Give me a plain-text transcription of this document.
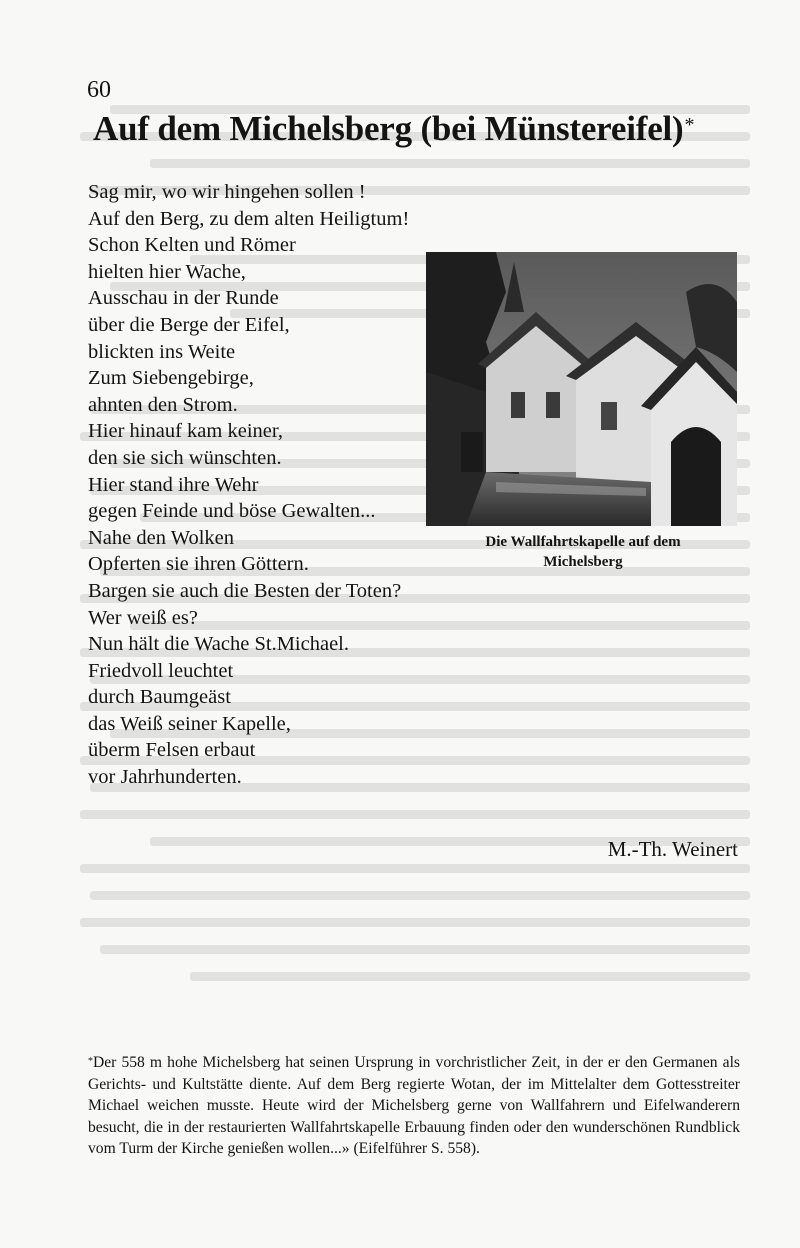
60
Auf dem Michelsberg (bei Münstereifel)*
Sag mir, wo wir hingehen sollen !
Auf den Berg, zu dem alten Heiligtum!
Schon Kelten und Römer
hielten hier Wache,
Ausschau in der Runde
über die Berge der Eifel,
blickten ins Weite
Zum Siebengebirge,
ahnten den Strom.
Hier hinauf kam keiner,
den sie sich wünschten.
Hier stand ihre Wehr
gegen Feinde und böse Gewalten...
Nahe den Wolken
Opferten sie ihren Göttern.
Bargen sie auch die Besten der Toten?
Wer weiß es?
Nun hält die Wache St.Michael.
Friedvoll leuchtet
durch Baumgeäst
das Weiß seiner Kapelle,
überm Felsen erbaut
vor Jahrhunderten.
Die Wallfahrtskapelle auf dem Michelsberg
M.-Th. Weinert

*Der 558 m hohe Michelsberg hat seinen Ursprung in vorchristlicher Zeit, in der er den Germanen als Gerichts- und Kultstätte diente. Auf dem Berg regierte Wotan, der im Mittelalter dem Gottesstreiter Michael weichen musste. Heute wird der Michelsberg gerne von Wallfahrern und Eifelwanderern besucht, die in der restaurierten Wallfahrtskapelle Erbauung finden oder den wunderschönen Rundblick vom Turm der Kirche genießen wollen...» (Eifelführer S. 558).
